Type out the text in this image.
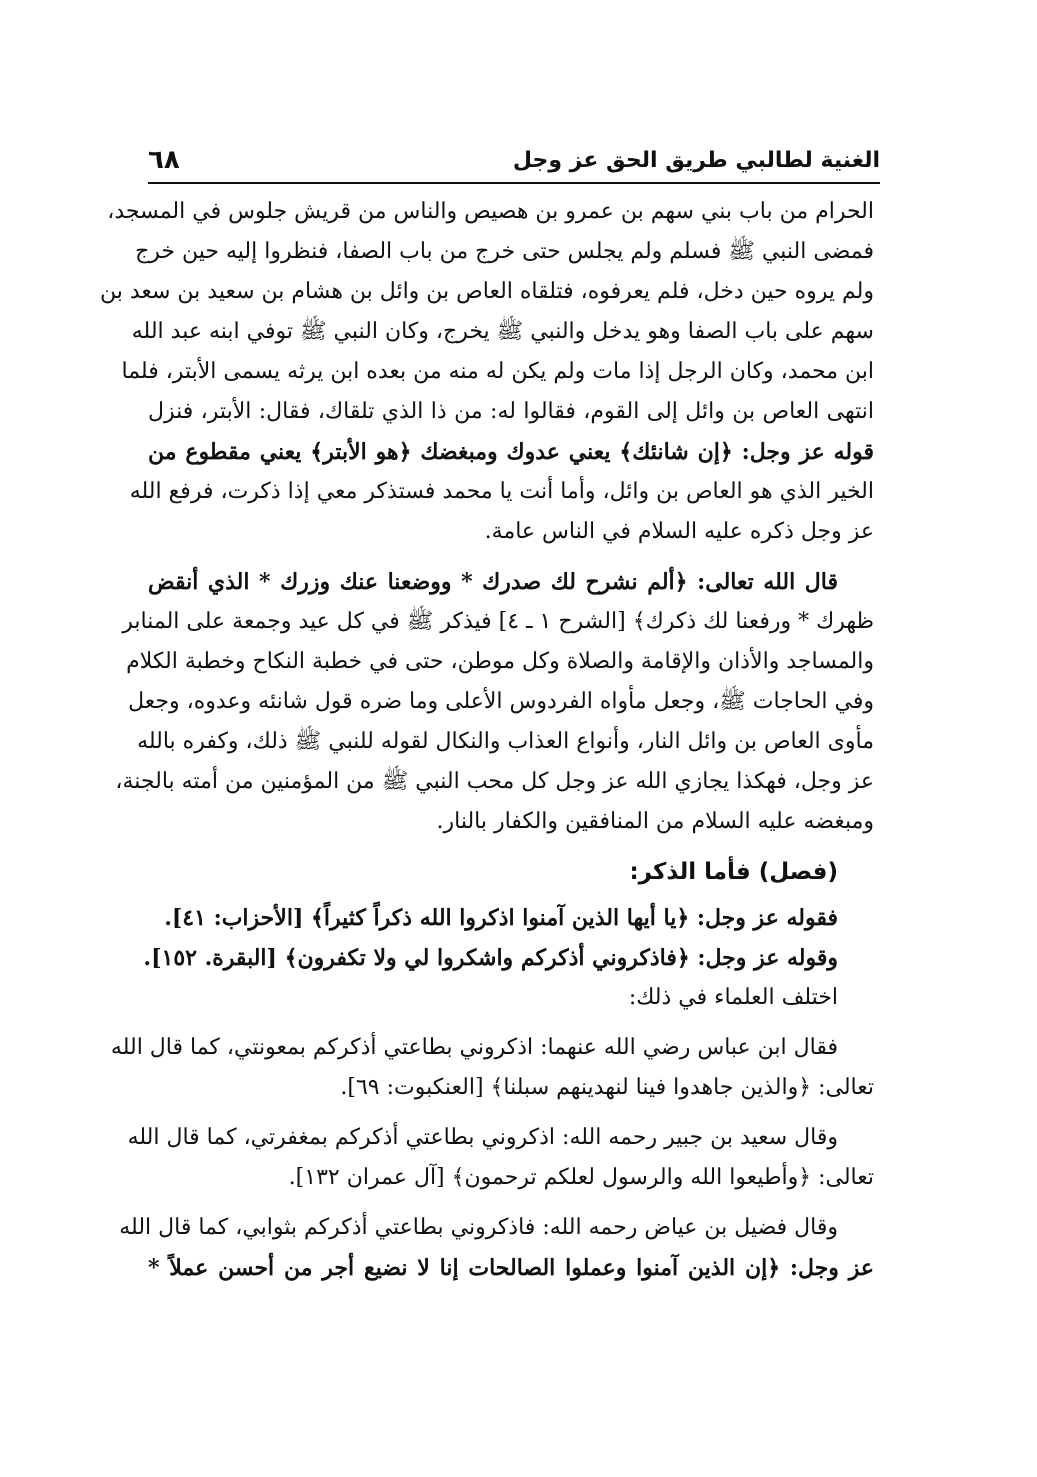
الغنية لطالبي طريق الحق عز وجل
٦٨

الحرام من باب بني سهم بن عمرو بن هصيص والناس من قريش جلوس في المسجد،
فمضى النبي ﷺ فسلم ولم يجلس حتى خرج من باب الصفا، فنظروا إليه حين خرج
ولم يروه حين دخل، فلم يعرفوه، فتلقاه العاص بن وائل بن هشام بن سعيد بن سعد بن
سهم على باب الصفا وهو يدخل والنبي ﷺ يخرج، وكان النبي ﷺ توفي ابنه عبد الله
ابن محمد، وكان الرجل إذا مات ولم يكن له منه من بعده ابن يرثه يسمى الأبتر، فلما
انتهى العاص بن وائل إلى القوم، فقالوا له: من ذا الذي تلقاك، فقال: الأبتر، فنزل
قوله عز وجل: ﴿إن شانئك﴾ يعني عدوك ومبغضك ﴿هو الأبتر﴾ يعني مقطوع من
الخير الذي هو العاص بن وائل، وأما أنت يا محمد فستذكر معي إذا ذكرت، فرفع الله
عز وجل ذكره عليه السلام في الناس عامة.

قال الله تعالى: ﴿ألم نشرح لك صدرك * ووضعنا عنك وزرك * الذي أنقض
ظهرك * ورفعنا لك ذكرك﴾ [الشرح ١ ـ ٤] فيذكر ﷺ في كل عيد وجمعة على المنابر
والمساجد والأذان والإقامة والصلاة وكل موطن، حتى في خطبة النكاح وخطبة الكلام
وفي الحاجات ﷺ، وجعل مأواه الفردوس الأعلى وما ضره قول شانئه وعدوه، وجعل
مأوى العاص بن وائل النار، وأنواع العذاب والنكال لقوله للنبي ﷺ ذلك، وكفره بالله
عز وجل، فهكذا يجازي الله عز وجل كل محب النبي ﷺ من المؤمنين من أمته بالجنة،
ومبغضه عليه السلام من المنافقين والكفار بالنار.

(فصل) فأما الذكر:

فقوله عز وجل: ﴿يا أيها الذين آمنوا اذكروا الله ذكراً كثيراً﴾ [الأحزاب: ٤١].
وقوله عز وجل: ﴿فاذكروني أذكركم واشكروا لي ولا تكفرون﴾ [البقرة. ١٥٢].
اختلف العلماء في ذلك:

فقال ابن عباس رضي الله عنهما: اذكروني بطاعتي أذكركم بمعونتي، كما قال الله
تعالى: ﴿والذين جاهدوا فينا لنهدينهم سبلنا﴾ [العنكبوت: ٦٩].

وقال سعيد بن جبير رحمه الله: اذكروني بطاعتي أذكركم بمغفرتي، كما قال الله
تعالى: ﴿وأطيعوا الله والرسول لعلكم ترحمون﴾ [آل عمران ١٣٢].

وقال فضيل بن عياض رحمه الله: فاذكروني بطاعتي أذكركم بثوابي، كما قال الله
عز وجل: ﴿إن الذين آمنوا وعملوا الصالحات إنا لا نضيع أجر من أحسن عملاً *
